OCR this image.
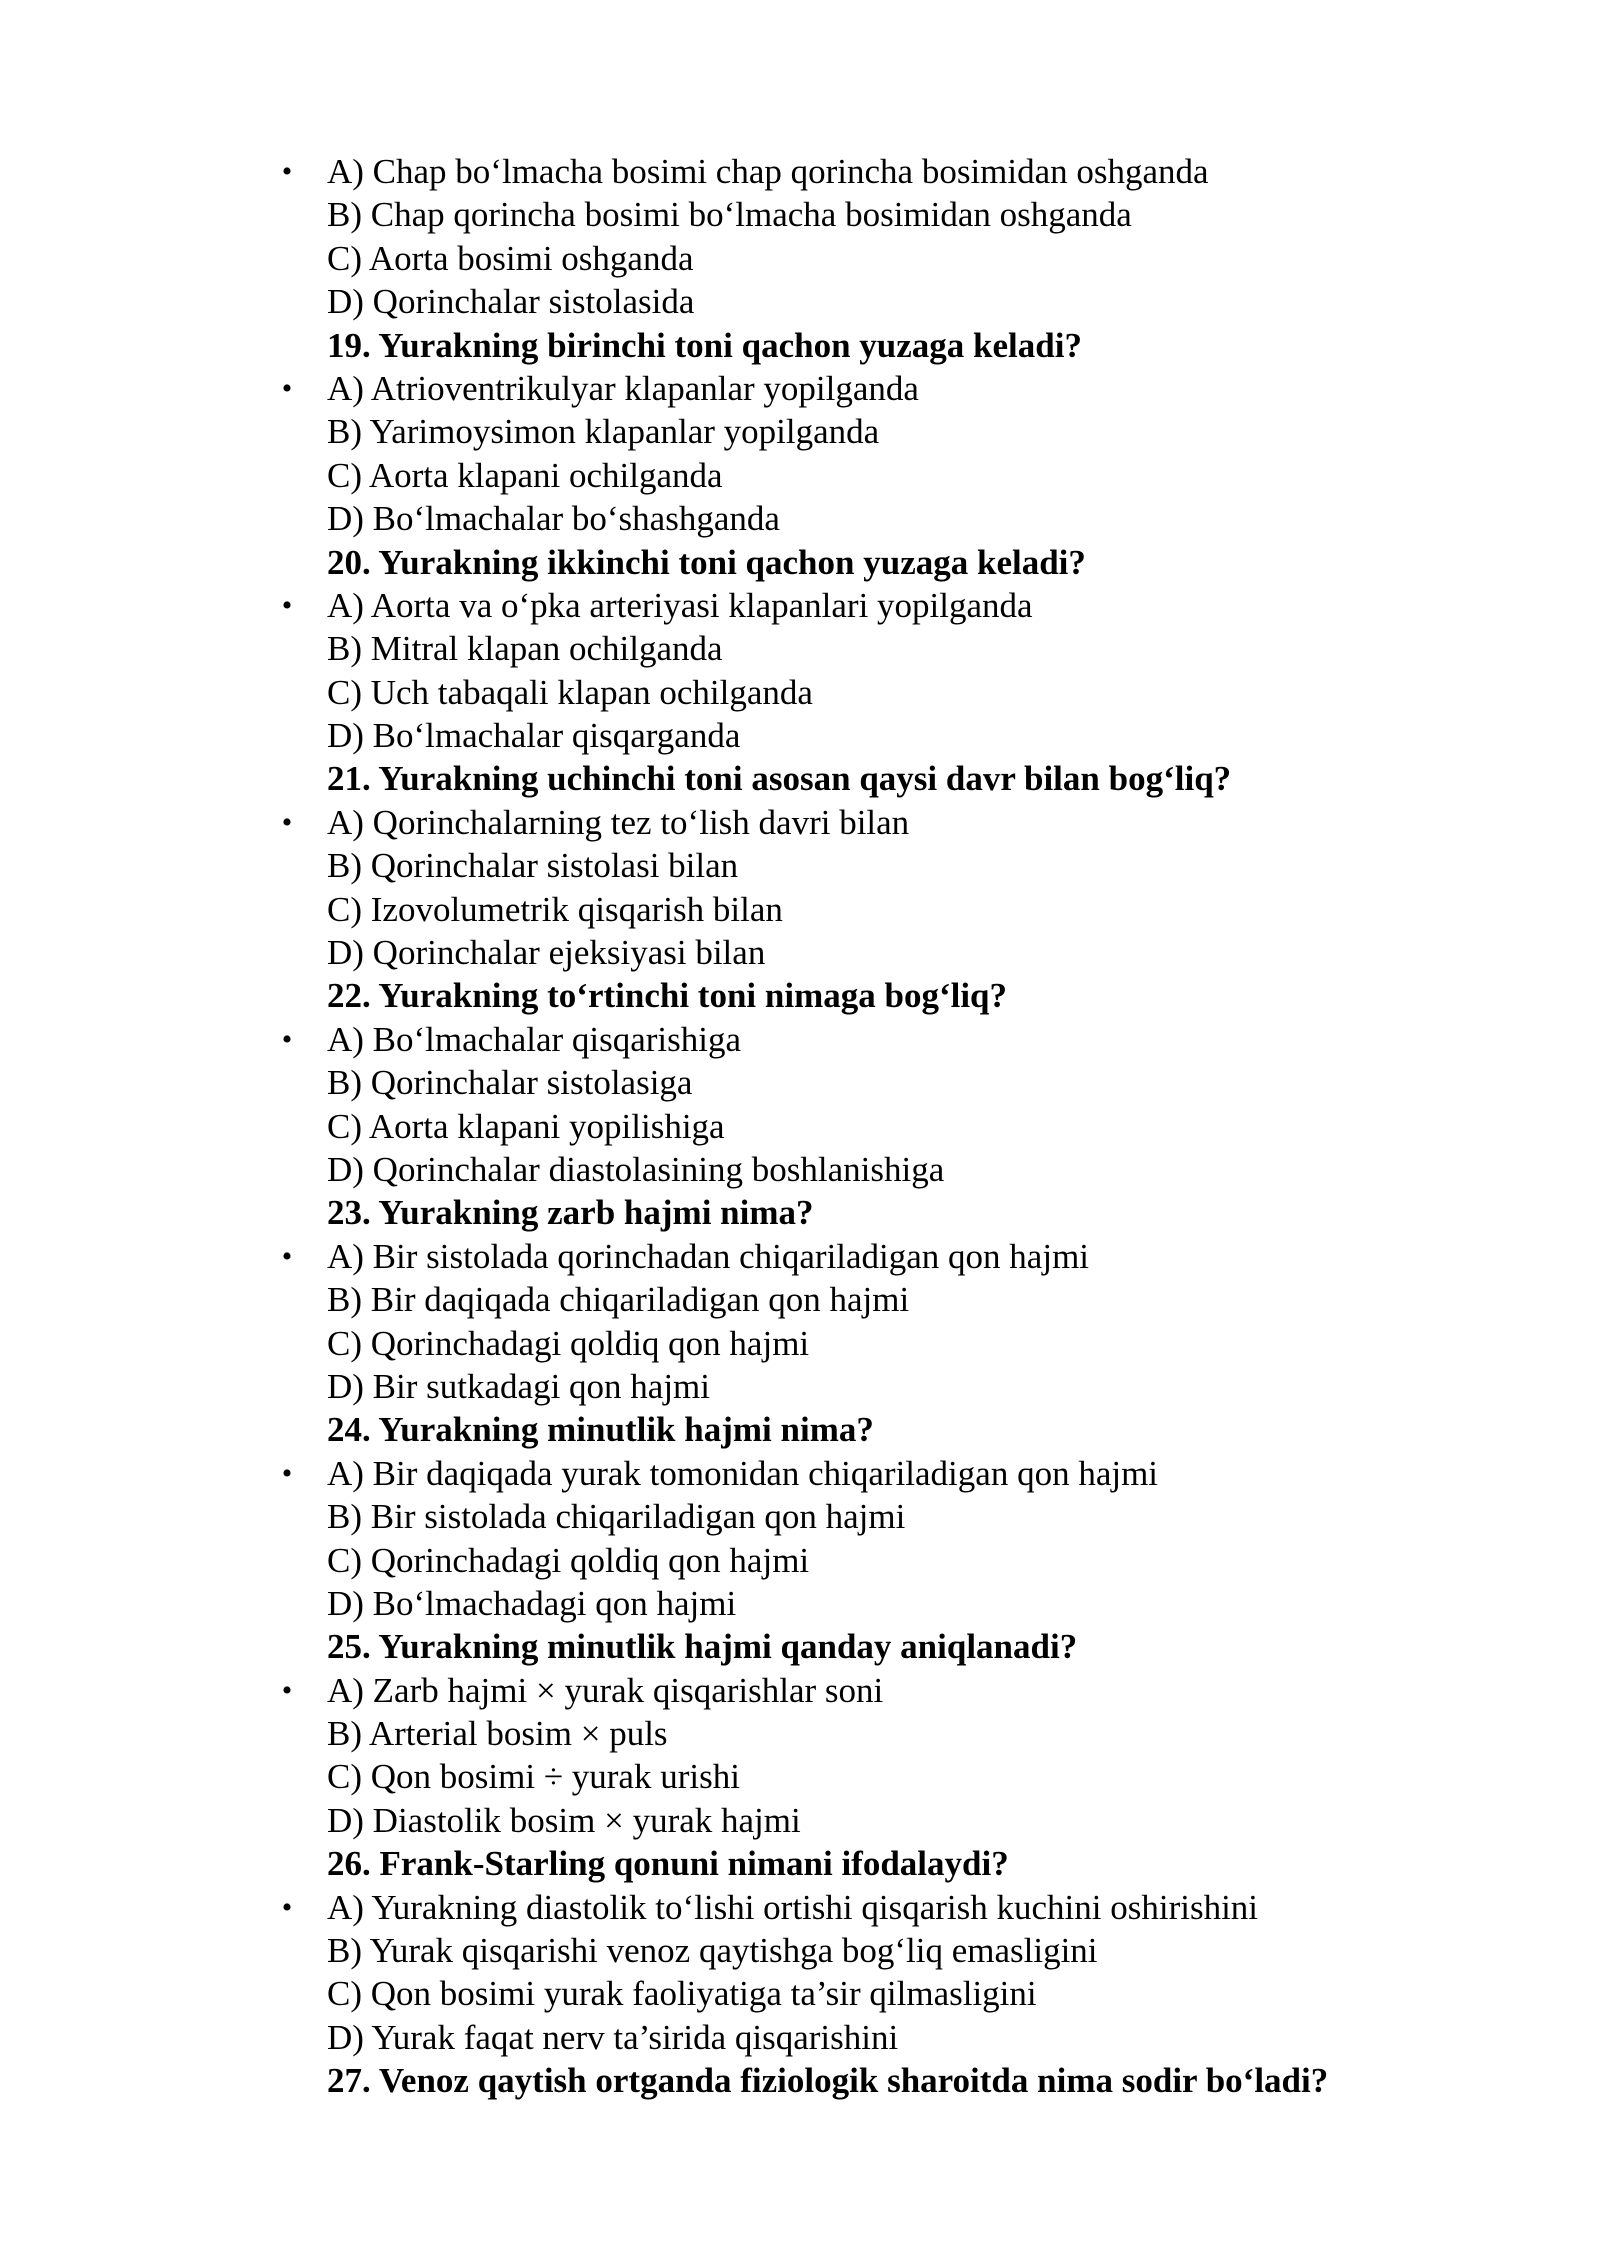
• A) Chap bo‘lmacha bosimi chap qorincha bosimidan oshganda
B) Chap qorincha bosimi bo‘lmacha bosimidan oshganda
C) Aorta bosimi oshganda
D) Qorinchalar sistolasida
19. Yurakning birinchi toni qachon yuzaga keladi?
• A) Atrioventrikulyar klapanlar yopilganda
B) Yarimoysimon klapanlar yopilganda
C) Aorta klapani ochilganda
D) Bo‘lmachalar bo‘shashganda
20. Yurakning ikkinchi toni qachon yuzaga keladi?
• A) Aorta va o‘pka arteriyasi klapanlari yopilganda
B) Mitral klapan ochilganda
C) Uch tabaqali klapan ochilganda
D) Bo‘lmachalar qisqarganda
21. Yurakning uchinchi toni asosan qaysi davr bilan bog‘liq?
• A) Qorinchalarning tez to‘lish davri bilan
B) Qorinchalar sistolasi bilan
C) Izovolumetrik qisqarish bilan
D) Qorinchalar ejeksiyasi bilan
22. Yurakning to‘rtinchi toni nimaga bog‘liq?
• A) Bo‘lmachalar qisqarishiga
B) Qorinchalar sistolasiga
C) Aorta klapani yopilishiga
D) Qorinchalar diastolasining boshlanishiga
23. Yurakning zarb hajmi nima?
• A) Bir sistolada qorinchadan chiqariladigan qon hajmi
B) Bir daqiqada chiqariladigan qon hajmi
C) Qorinchadagi qoldiq qon hajmi
D) Bir sutkadagi qon hajmi
24. Yurakning minutlik hajmi nima?
• A) Bir daqiqada yurak tomonidan chiqariladigan qon hajmi
B) Bir sistolada chiqariladigan qon hajmi
C) Qorinchadagi qoldiq qon hajmi
D) Bo‘lmachadagi qon hajmi
25. Yurakning minutlik hajmi qanday aniqlanadi?
• A) Zarb hajmi × yurak qisqarishlar soni
B) Arterial bosim × puls
C) Qon bosimi ÷ yurak urishi
D) Diastolik bosim × yurak hajmi
26. Frank-Starling qonuni nimani ifodalaydi?
• A) Yurakning diastolik to‘lishi ortishi qisqarish kuchini oshirishini
B) Yurak qisqarishi venoz qaytishga bog‘liq emasligini
C) Qon bosimi yurak faoliyatiga ta’sir qilmasligini
D) Yurak faqat nerv ta’sirida qisqarishini
27. Venoz qaytish ortganda fiziologik sharoitda nima sodir bo‘ladi?
